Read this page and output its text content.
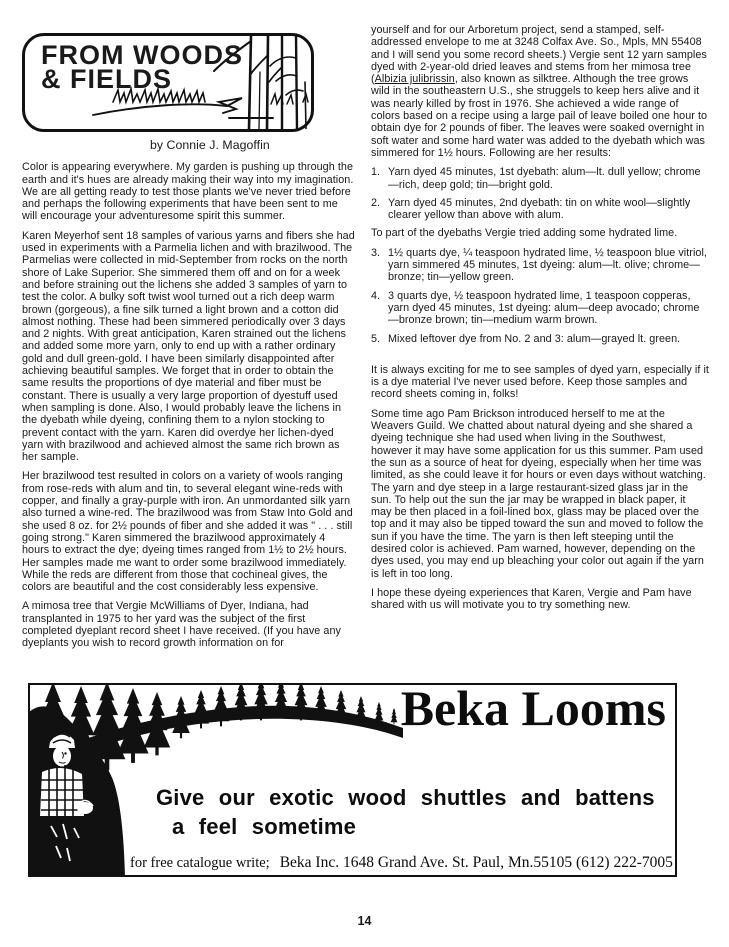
FROM WOODS
& FIELDS
by Connie J. Magoffin

Color is appearing everywhere. My garden is pushing up through the earth and it's hues are already making their way into my imagination. We are all getting ready to test those plants we've never tried before and perhaps the following experiments that have been sent to me will encourage your adventuresome spirit this summer.

Karen Meyerhof sent 18 samples of various yarns and fibers she had used in experiments with a Parmelia lichen and with brazilwood. The Parmelias were collected in mid-September from rocks on the north shore of Lake Superior. She simmered them off and on for a week and before straining out the lichens she added 3 samples of yarn to test the color. A bulky soft twist wool turned out a rich deep warm brown (gorgeous), a fine silk turned a light brown and a cotton did almost nothing. These had been simmered periodically over 3 days and 2 nights. With great anticipation, Karen strained out the lichens and added some more yarn, only to end up with a rather ordinary gold and dull green-gold. I have been similarly disappointed after achieving beautiful samples. We forget that in order to obtain the same results the proportions of dye material and fiber must be constant. There is usually a very large proportion of dyestuff used when sampling is done. Also, I would probably leave the lichens in the dyebath while dyeing, confining them to a nylon stocking to prevent contact with the yarn. Karen did overdye her lichen-dyed yarn with brazilwood and achieved almost the same rich brown as her sample.

Her brazilwood test resulted in colors on a variety of wools ranging from rose-reds with alum and tin, to several elegant wine-reds with copper, and finally a gray-purple with iron. An unmordanted silk yarn also turned a wine-red. The brazilwood was from Staw Into Gold and she used 8 oz. for 2½ pounds of fiber and she added it was " . . . still going strong." Karen simmered the brazilwood approximately 4 hours to extract the dye; dyeing times ranged from 1½ to 2½ hours. Her samples made me want to order some brazilwood immediately. While the reds are different from those that cochineal gives, the colors are beautiful and the cost considerably less expensive.

A mimosa tree that Vergie McWilliams of Dyer, Indiana, had transplanted in 1975 to her yard was the subject of the first completed dyeplant record sheet I have received. (If you have any dyeplants you wish to record growth information on for

yourself and for our Arboretum project, send a stamped, self-addressed envelope to me at 3248 Colfax Ave. So., Mpls, MN 55408 and I will send you some record sheets.) Vergie sent 12 yarn samples dyed with 2-year-old dried leaves and stems from her mimosa tree (Albizia julibrissin, also known as silktree. Although the tree grows wild in the southeastern U.S., she struggels to keep hers alive and it was nearly killed by frost in 1976. She achieved a wide range of colors based on a recipe using a large pail of leave boiled one hour to obtain dye for 2 pounds of fiber. The leaves were soaked overnight in soft water and some hard water was added to the dyebath which was simmered for 1½ hours. Following are her results:

1. Yarn dyed 45 minutes, 1st dyebath: alum—lt. dull yellow; chrome—rich, deep gold; tin—bright gold.
2. Yarn dyed 45 minutes, 2nd dyebath: tin on white wool—slightly clearer yellow than above with alum.

To part of the dyebaths Vergie tried adding some hydrated lime.

3. 1½ quarts dye, ¼ teaspoon hydrated lime, ½ teaspoon blue vitriol, yarn simmered 45 minutes, 1st dyeing: alum—lt. olive; chrome—bronze; tin—yellow green.
4. 3 quarts dye, ½ teaspoon hydrated lime, 1 teaspoon copperas, yarn dyed 45 minutes, 1st dyeing: alum—deep avocado; chrome—bronze brown; tin—medium warm brown.
5. Mixed leftover dye from No. 2 and 3: alum—grayed lt. green.

It is always exciting for me to see samples of dyed yarn, especially if it is a dye material I've never used before. Keep those samples and record sheets coming in, folks!

Some time ago Pam Brickson introduced herself to me at the Weavers Guild. We chatted about natural dyeing and she shared a dyeing technique she had used when living in the Southwest, however it may have some application for us this summer. Pam used the sun as a source of heat for dyeing, especially when her time was limited, as she could leave it for hours or even days without watching. The yarn and dye steep in a large restaurant-sized glass jar in the sun. To help out the sun the jar may be wrapped in black paper, it may be then placed in a foil-lined box, glass may be placed over the top and it may also be tipped toward the sun and moved to follow the sun if you have the time. The yarn is then left steeping until the desired color is achieved. Pam warned, however, depending on the dyes used, you may end up bleaching your color out again if the yarn is left in too long.

I hope these dyeing experiences that Karen, Vergie and Pam have shared with us will motivate you to try something new.

Beka Looms
Give our exotic wood shuttles and battens
a feel sometime
for free catalogue write; Beka Inc. 1648 Grand Ave. St. Paul, Mn.55105 (612) 222-7005
14
